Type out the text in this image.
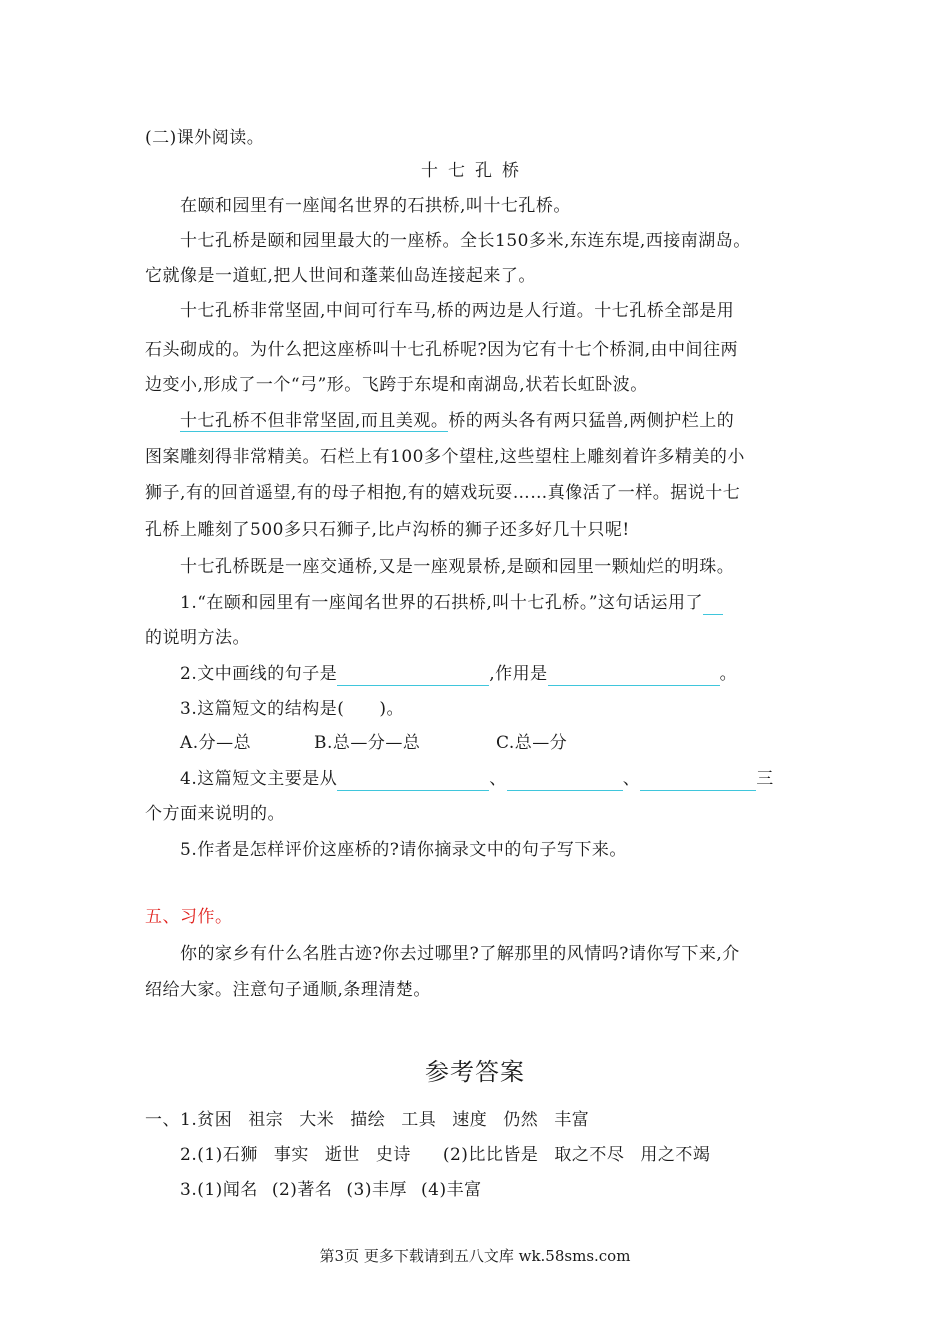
(二)课外阅读。
十七孔桥
在颐和园里有一座闻名世界的石拱桥,叫十七孔桥。
十七孔桥是颐和园里最大的一座桥。全长150多米,东连东堤,西接南湖岛。
它就像是一道虹,把人世间和蓬莱仙岛连接起来了。
十七孔桥非常坚固,中间可行车马,桥的两边是人行道。十七孔桥全部是用
石头砌成的。为什么把这座桥叫十七孔桥呢?因为它有十七个桥洞,由中间往两
边变小,形成了一个“弓”形。飞跨于东堤和南湖岛,状若长虹卧波。
十七孔桥不但非常坚固,而且美观。桥的两头各有两只猛兽,两侧护栏上的
图案雕刻得非常精美。石栏上有100多个望柱,这些望柱上雕刻着许多精美的小
狮子,有的回首遥望,有的母子相抱,有的嬉戏玩耍……真像活了一样。据说十七
孔桥上雕刻了500多只石狮子,比卢沟桥的狮子还多好几十只呢!
十七孔桥既是一座交通桥,又是一座观景桥,是颐和园里一颗灿烂的明珠。
1.“在颐和园里有一座闻名世界的石拱桥,叫十七孔桥。”这句话运用了
的说明方法。
2.文中画线的句子是	,作用是	。
3.这篇短文的结构是(　　)。
A.分—总	B.总—分—总	C.总—分
4.这篇短文主要是从	、	、	三
个方面来说明的。
5.作者是怎样评价这座桥的?请你摘录文中的句子写下来。
五、习作。
你的家乡有什么名胜古迹?你去过哪里?了解那里的风情吗?请你写下来,介
绍给大家。注意句子通顺,条理清楚。
参考答案
一、1.贫困 祖宗 大米 描绘 工具 速度 仍然 丰富
2.(1)石狮 事实 逝世 史诗 (2)比比皆是 取之不尽 用之不竭
3.(1)闻名 (2)著名 (3)丰厚 (4)丰富
第3页 更多下载请到五八文库 wk.58sms.com
